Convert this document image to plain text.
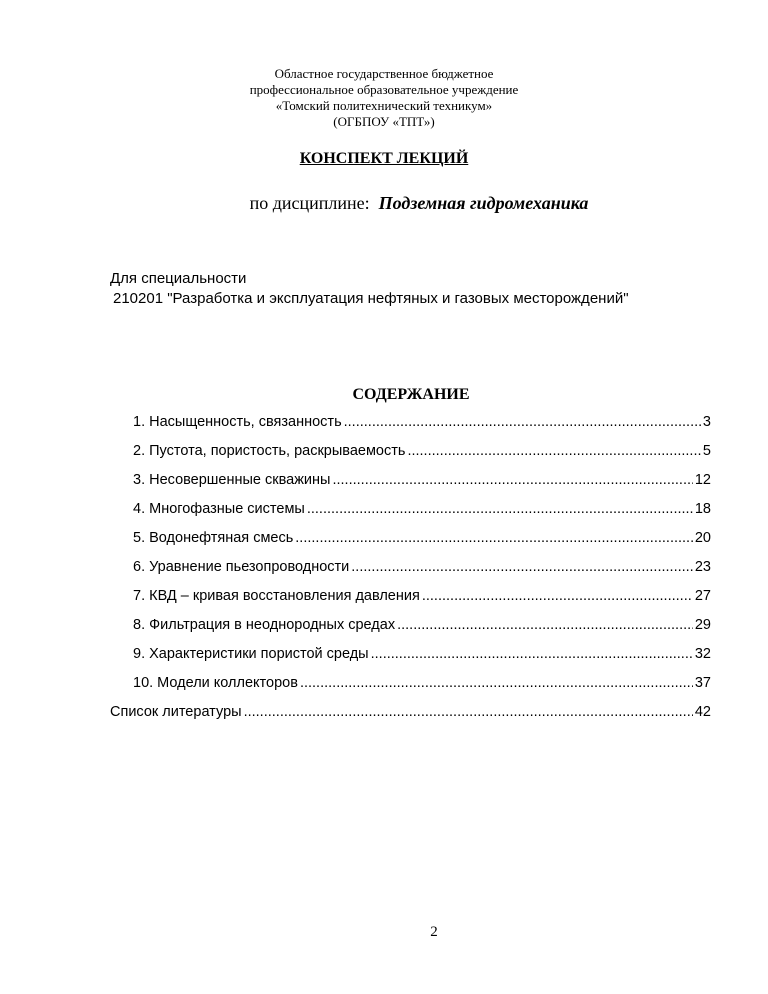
Областное государственное бюджетное
профессиональное образовательное учреждение
«Томский политехнический техникум»
(ОГБПОУ «ТПТ»)
КОНСПЕКТ ЛЕКЦИЙ
по дисциплине: Подземная гидромеханика
Для специальности
210201 "Разработка и эксплуатация нефтяных и газовых месторождений"
СОДЕРЖАНИЕ
1. Насыщенность, связанность .....	3
2. Пустота, пористость, раскрываемость .....	5
3. Несовершенные скважины .....	12
4. Многофазные системы .....	18
5. Водонефтяная смесь .....	20
6. Уравнение пьезопроводности .....	23
7. КВД – кривая восстановления давления .....	27
8. Фильтрация в неоднородных средах .....	29
9. Характеристики пористой среды .....	32
10. Модели коллекторов .....	37
Список литературы .....	42
2
